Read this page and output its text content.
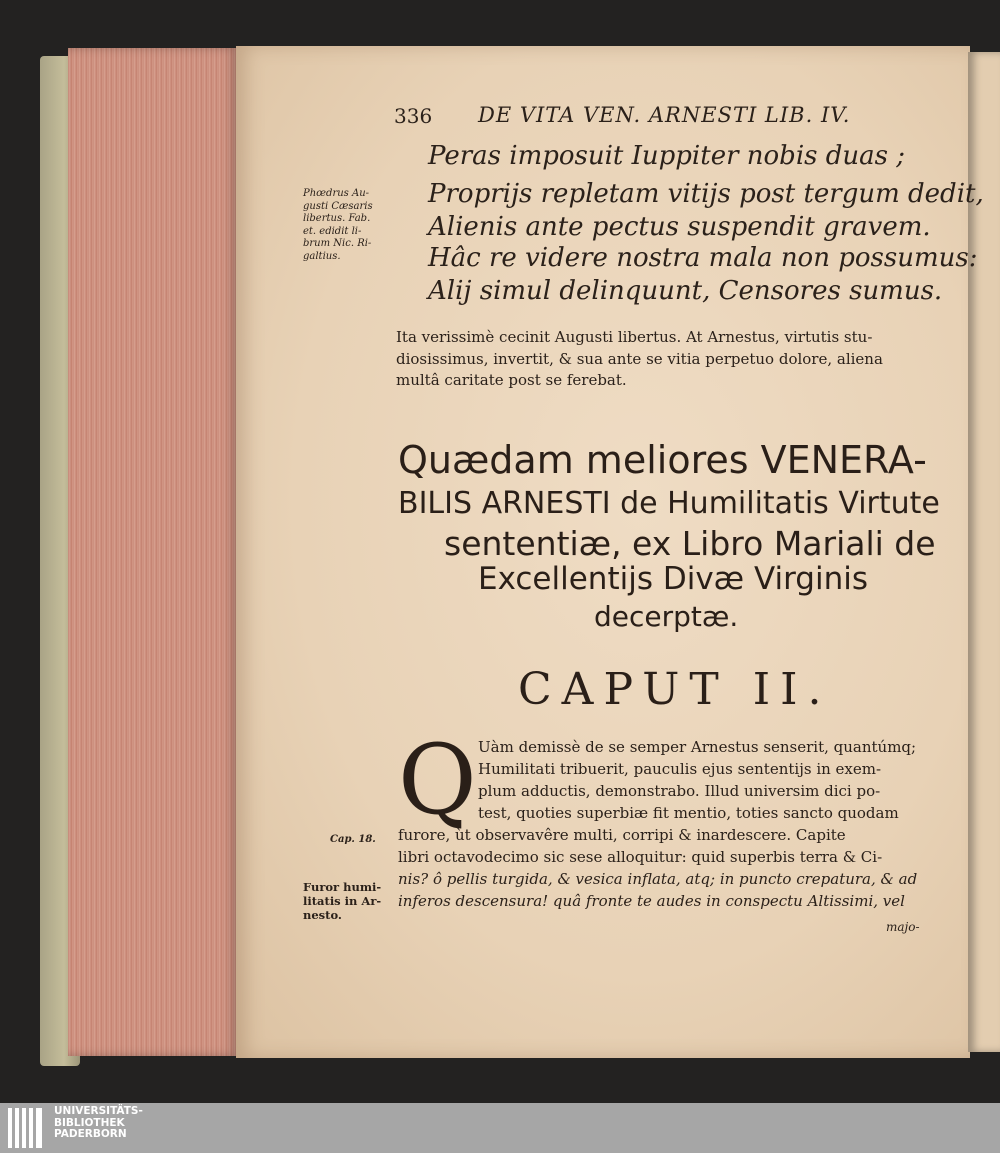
336 DE VITA VEN. ARNESTI LIB. IV.
Peras imposuit Iuppiter nobis duas ;
Proprijs repletam vitijs post tergum dedit,
Alienis ante pectus suspendit gravem.
Hâc re videre nostra mala non possumus:
Alij simul delinquunt, Censores sumus.
Phœdrus Au-
gusti Cæsaris
libertus. Fab.
et. edidit li-
brum Nic. Ri-
galtius.
Ita verissimè cecinit Augusti libertus. At Arnestus, virtutis stu-
diosissimus, invertit, & sua ante se vitia perpetuo dolore, aliena
multâ caritate post se ferebat.
Quædam meliores VENERA-
BILIS ARNESTI de Humilitatis Virtute
sententiæ, ex Libro Mariali de
Excellentijs Divæ Virginis
decerptæ.
CAPUT II.
Q Uàm demissè de se semper Arnestus senserit, quantúmq;
Humilitati tribuerit, pauculis ejus sententijs in exem-
plum adductis, demonstrabo. Illud universim dici po-
test, quoties superbiæ fit mentio, toties sancto quodam
furore, ùt observavêre multi, corripi & inardescere. Capite
libri octavodecimo sic sese alloquitur: quid superbis terra & Ci-
nis? ô pellis turgida, & vesica inflata, atq; in puncto crepatura, & ad
inferos descensura! quâ fronte te audes in conspectu Altissimi, vel
majo-
Cap. 18.
Furor humi-
litatis in Ar-
nesto.
UNIVERSITÄTS-
BIBLIOTHEK
PADERBORN
